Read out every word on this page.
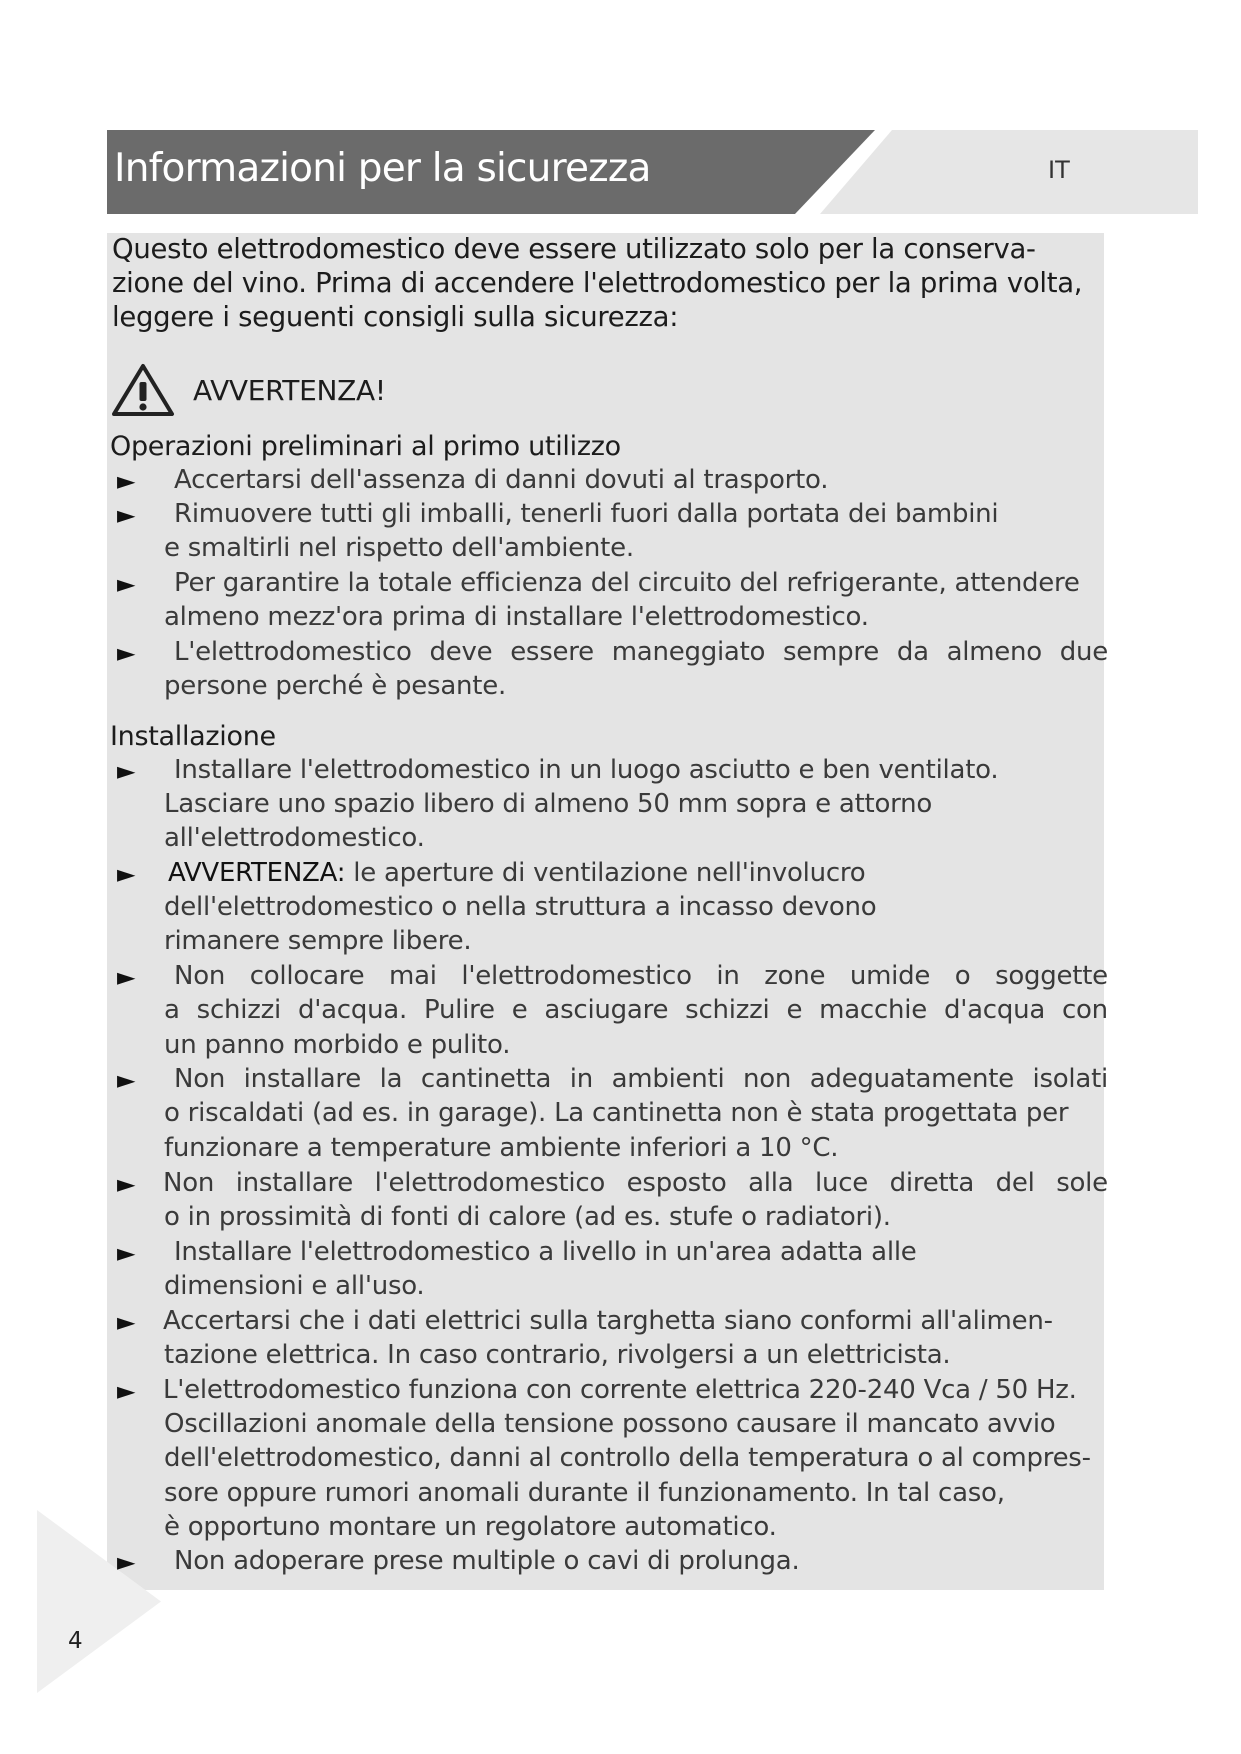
Informazioni per la sicurezza	IT
Questo elettrodomestico deve essere utilizzato solo per la conserva-
zione del vino. Prima di accendere l'elettrodomestico per la prima volta,
leggere i seguenti consigli sulla sicurezza:
AVVERTENZA!
Operazioni preliminari al primo utilizzo
► Accertarsi dell'assenza di danni dovuti al trasporto.
► Rimuovere tutti gli imballi, tenerli fuori dalla portata dei bambini
e smaltirli nel rispetto dell'ambiente.
► Per garantire la totale efficienza del circuito del refrigerante, attendere
almeno mezz'ora prima di installare l'elettrodomestico.
► L'elettrodomestico deve essere maneggiato sempre da almeno due
persone perché è pesante.
Installazione
► Installare l'elettrodomestico in un luogo asciutto e ben ventilato.
Lasciare uno spazio libero di almeno 50 mm sopra e attorno
all'elettrodomestico.
► AVVERTENZA: le aperture di ventilazione nell'involucro
dell'elettrodomestico o nella struttura a incasso devono
rimanere sempre libere.
► Non collocare mai l'elettrodomestico in zone umide o soggette
a schizzi d'acqua. Pulire e asciugare schizzi e macchie d'acqua con
un panno morbido e pulito.
► Non installare la cantinetta in ambienti non adeguatamente isolati
o riscaldati (ad es. in garage). La cantinetta non è stata progettata per
funzionare a temperature ambiente inferiori a 10 °C.
► Non installare l'elettrodomestico esposto alla luce diretta del sole
o in prossimità di fonti di calore (ad es. stufe o radiatori).
► Installare l'elettrodomestico a livello in un'area adatta alle
dimensioni e all'uso.
► Accertarsi che i dati elettrici sulla targhetta siano conformi all'alimen-
tazione elettrica. In caso contrario, rivolgersi a un elettricista.
► L'elettrodomestico funziona con corrente elettrica 220-240 Vca / 50 Hz.
Oscillazioni anomale della tensione possono causare il mancato avvio
dell'elettrodomestico, danni al controllo della temperatura o al compres-
sore oppure rumori anomali durante il funzionamento. In tal caso,
è opportuno montare un regolatore automatico.
► Non adoperare prese multiple o cavi di prolunga.
4
